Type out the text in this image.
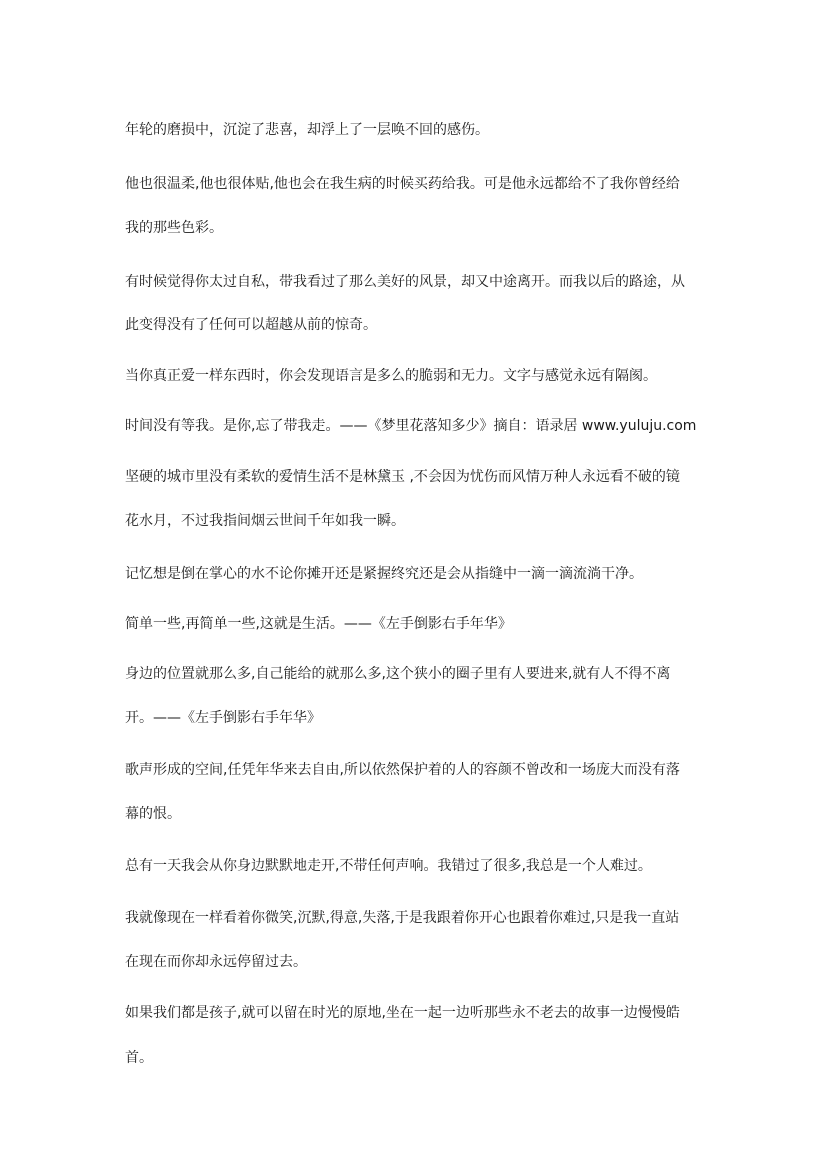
年轮的磨损中，沉淀了悲喜，却浮上了一层唤不回的感伤。
他也很温柔,他也很体贴,他也会在我生病的时候买药给我。可是他永远都给不了我你曾经给
我的那些色彩。
有时候觉得你太过自私，带我看过了那么美好的风景，却又中途离开。而我以后的路途，从
此变得没有了任何可以超越从前的惊奇。
当你真正爱一样东西时，你会发现语言是多么的脆弱和无力。文字与感觉永远有隔阂。
时间没有等我。是你,忘了带我走。——《梦里花落知多少》摘自：语录居 www.yuluju.com
坚硬的城市里没有柔软的爱情生活不是林黛玉 ,不会因为忧伤而风情万种人永远看不破的镜
花水月，不过我指间烟云世间千年如我一瞬。
记忆想是倒在掌心的水不论你摊开还是紧握终究还是会从指缝中一滴一滴流淌干净。
简单一些,再简单一些,这就是生活。——《左手倒影右手年华》
身边的位置就那么多,自己能给的就那么多,这个狭小的圈子里有人要进来,就有人不得不离
开。——《左手倒影右手年华》
歌声形成的空间,任凭年华来去自由,所以依然保护着的人的容颜不曾改和一场庞大而没有落
幕的恨。
总有一天我会从你身边默默地走开,不带任何声响。我错过了很多,我总是一个人难过。
我就像现在一样看着你微笑,沉默,得意,失落,于是我跟着你开心也跟着你难过,只是我一直站
在现在而你却永远停留过去。
如果我们都是孩子,就可以留在时光的原地,坐在一起一边听那些永不老去的故事一边慢慢皓
首。
